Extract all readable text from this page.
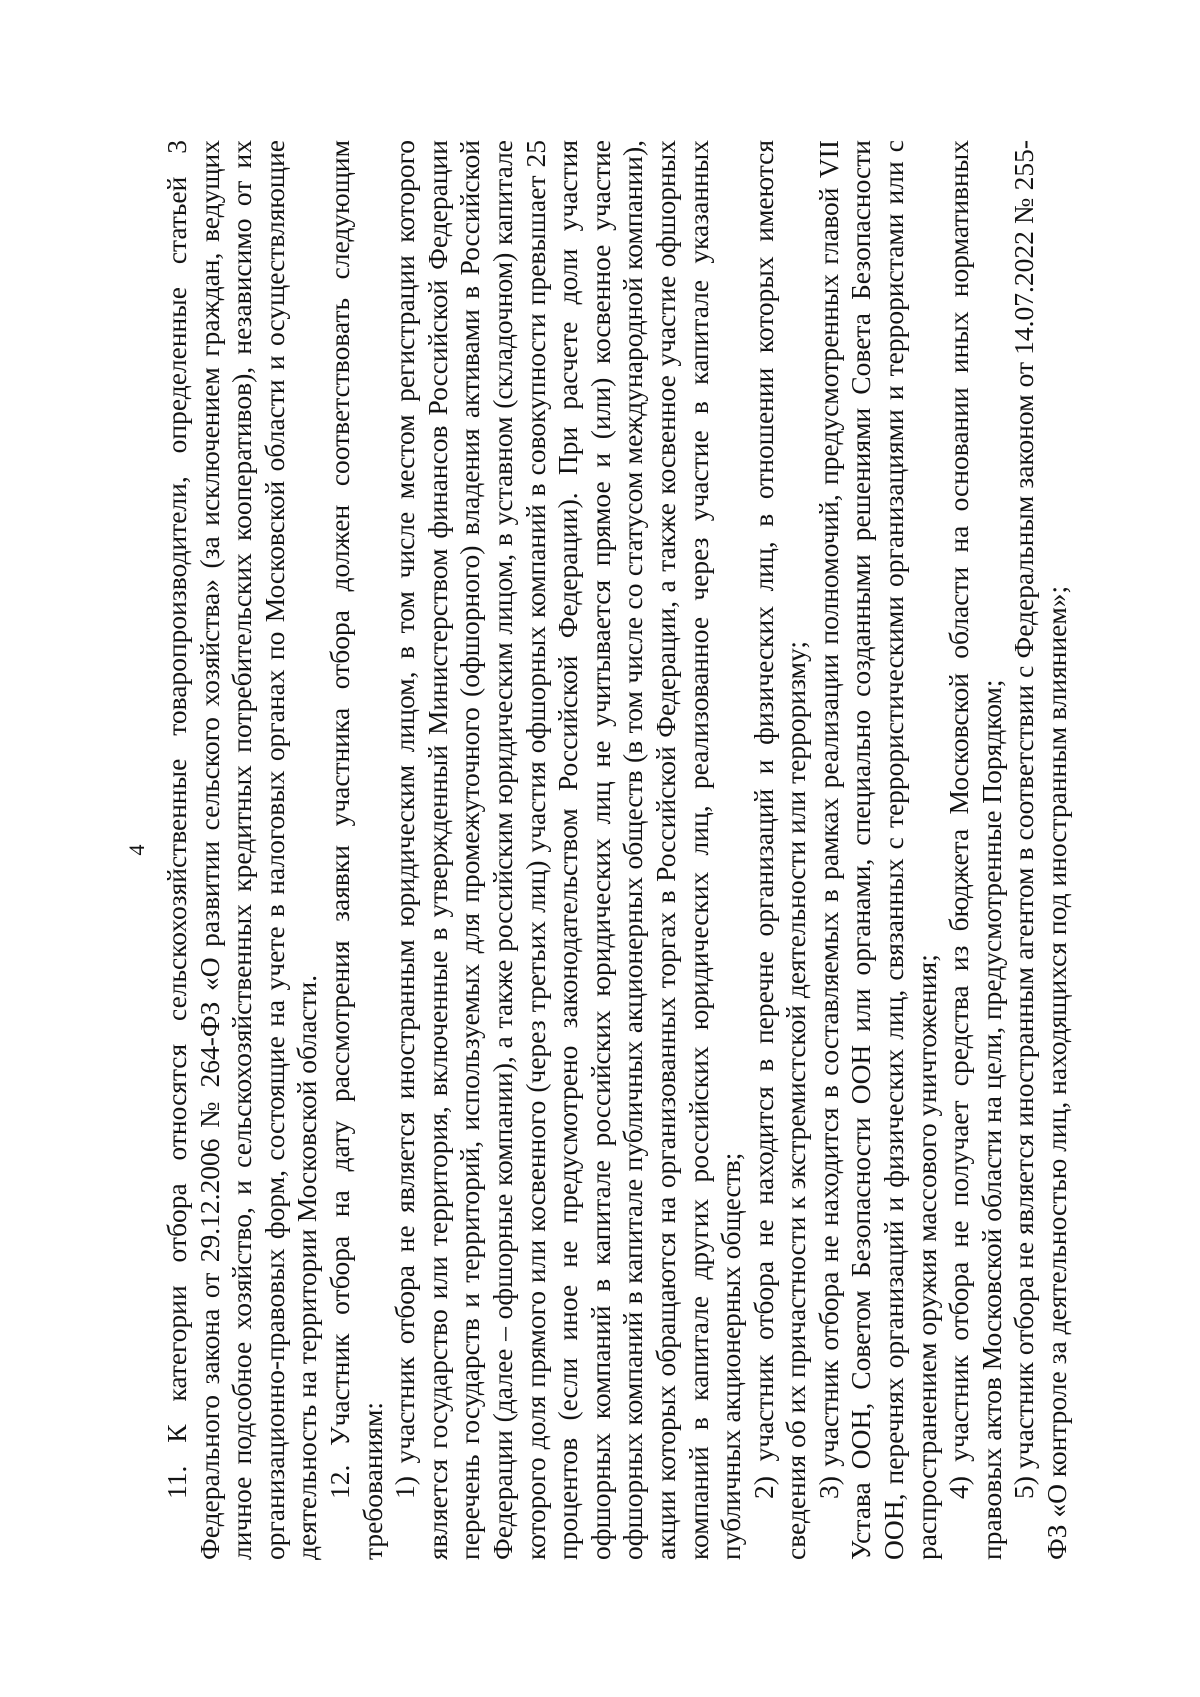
4 11. К категории отбора относятся сельскохозяйственные товаропроизводители, определенные статьей 3 Федерального закона от 29.12.2006 № 264-ФЗ «О развитии сельского хозяйства» (за исключением граждан, ведущих личное подсобное хозяйство, и сельскохозяйственных кредитных потребительских кооперативов), независимо от их организационно-правовых форм, состоящие на учете в налоговых органах по Московской области и осуществляющие деятельность на территории Московской области. 12. Участник отбора на дату рассмотрения заявки участника отбора должен соответствовать следующим требованиям: 1) участник отбора не является иностранным юридическим лицом, в том числе местом регистрации которого является государство или территория, включенные в утвержденный Министерством финансов Российской Федерации перечень государств и территорий, используемых для промежуточного (офшорного) владения активами в Российской Федерации (далее – офшорные компании), а также российским юридическим лицом, в уставном (складочном) капитале которого доля прямого или косвенного (через третьих лиц) участия офшорных компаний в совокупности превышает 25 процентов (если иное не предусмотрено законодательством Российской Федерации). При расчете доли участия офшорных компаний в капитале российских юридических лиц не учитывается прямое и (или) косвенное участие офшорных компаний в капитале публичных акционерных обществ (в том числе со статусом международной компании), акции которых обращаются на организованных торгах в Российской Федерации, а также косвенное участие офшорных компаний в капитале других российских юридических лиц, реализованное через участие в капитале указанных публичных акционерных обществ; 2) участник отбора не находится в перечне организаций и физических лиц, в отношении которых имеются сведения об их причастности к экстремистской деятельности или терроризму; 3) участник отбора не находится в составляемых в рамках реализации полномочий, предусмотренных главой VII Устава ООН, Советом Безопасности ООН или органами, специально созданными решениями Совета Безопасности ООН, перечнях организаций и физических лиц, связанных с террористическими организациями и террористами или с распространением оружия массового уничтожения; 4) участник отбора не получает средства из бюджета Московской области на основании иных нормативных правовых актов Московской области на цели, предусмотренные Порядком; 5) участник отбора не является иностранным агентом в соответствии с Федеральным законом от 14.07.2022 № 255-ФЗ «О контроле за деятельностью лиц, находящихся под иностранным влиянием»;
